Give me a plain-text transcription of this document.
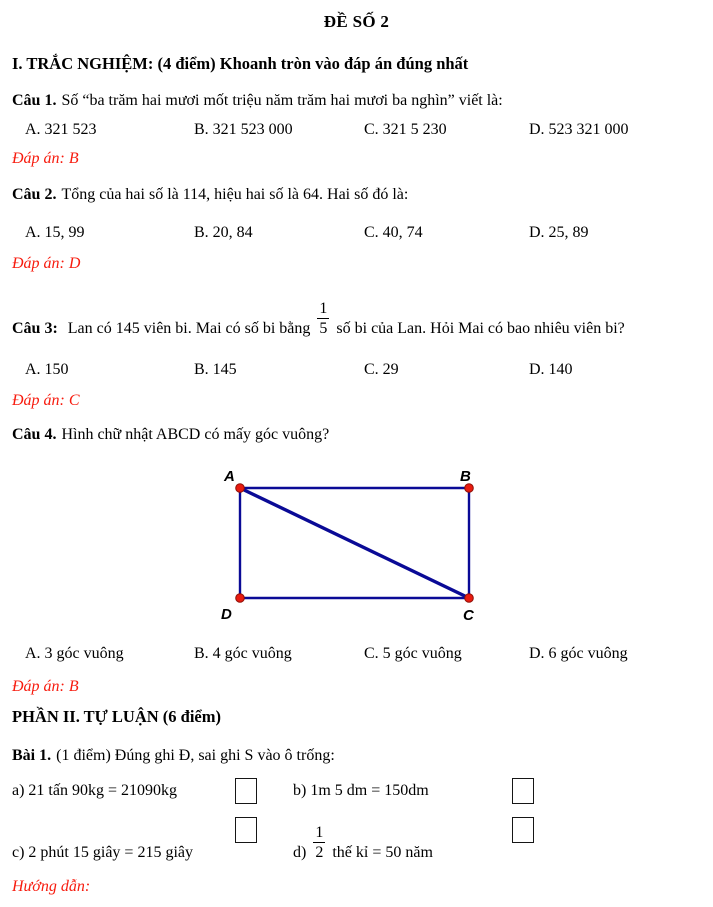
ĐỀ SỐ 2
I. TRẮC NGHIỆM: (4 điểm) Khoanh tròn vào đáp án đúng nhất
Câu 1. Số “ba trăm hai mươi mốt triệu năm trăm hai mươi ba nghìn” viết là:
A. 321 523	B. 321 523 000	C. 321 5 230	D. 523 321 000
Đáp án: B
Câu 2. Tổng của hai số là 114, hiệu hai số là 64. Hai số đó là:
A. 15, 99	B. 20, 84	C. 40, 74	D. 25, 89
Đáp án: D
Câu 3: Lan có 145 viên bi. Mai có số bi bằng $\frac{1}{5}$ số bi của Lan. Hỏi Mai có bao nhiêu viên bi?
A. 150	B. 145	C. 29	D. 140
Đáp án: C
Câu 4. Hình chữ nhật ABCD có mấy góc vuông?
A	B
D	C
A. 3 góc vuông	B. 4 góc vuông	C. 5 góc vuông	D. 6 góc vuông
Đáp án: B
PHẦN II. TỰ LUẬN (6 điểm)
Bài 1. (1 điểm) Đúng ghi Đ, sai ghi S vào ô trống:
a) 21 tấn 90kg = 21090kg	b) 1m 5 dm = 150dm
c) 2 phút 15 giây = 215 giây	$d) \frac{1}{2}$ thế kỉ = 50 năm
Hướng dẫn:
